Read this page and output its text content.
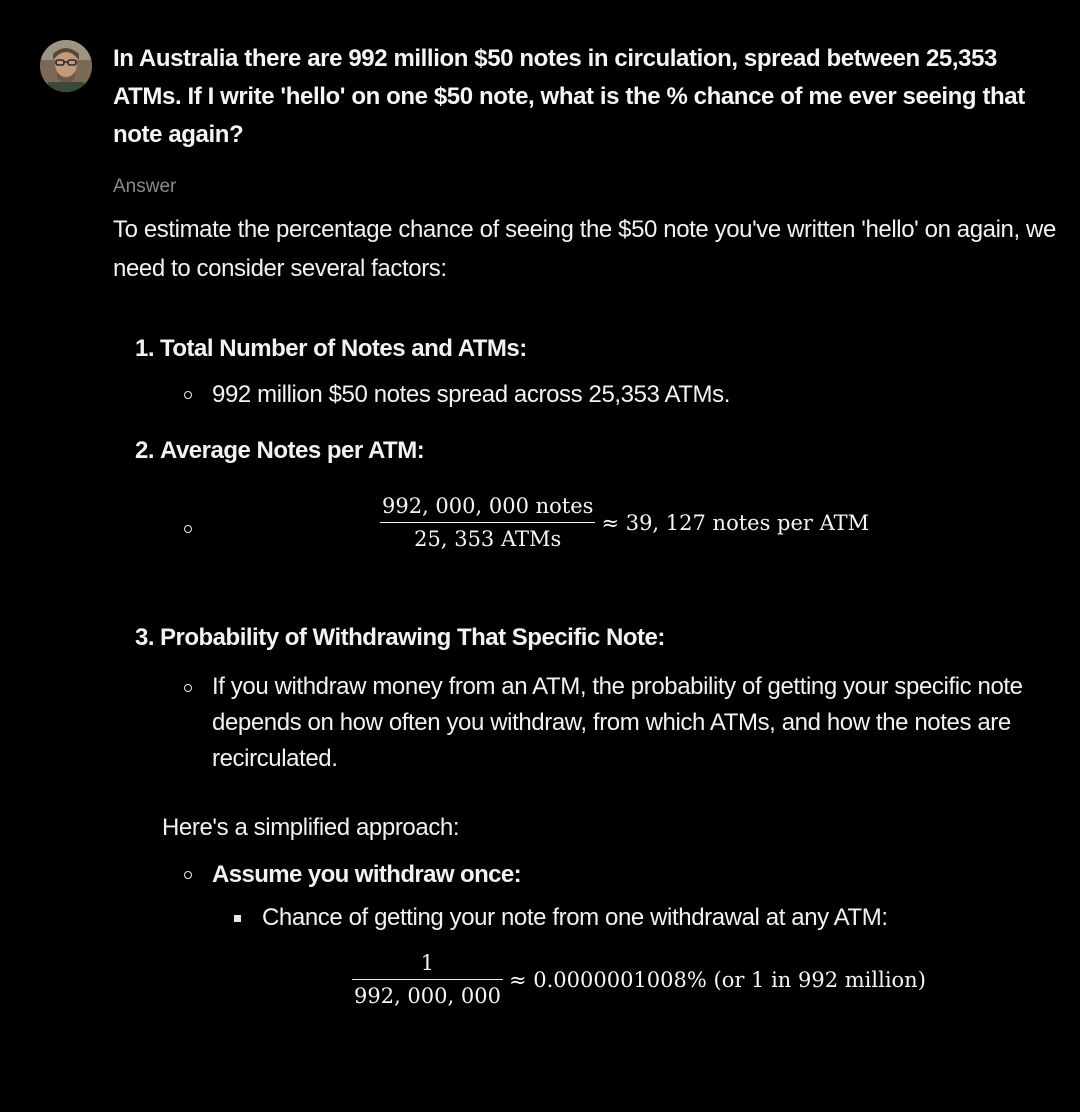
In Australia there are 992 million $50 notes in circulation, spread between 25,353 ATMs. If I write 'hello' on one $50 note, what is the % chance of me ever seeing that note again?

Answer

To estimate the percentage chance of seeing the $50 note you've written 'hello' on again, we need to consider several factors:

1. Total Number of Notes and ATMs:

992 million $50 notes spread across 25,353 ATMs.

2. Average Notes per ATM:

$\frac{\text{992, 000, 000 notes}}{\text{25, 353 ATMs}} \approx 39$, 127 notes per ATM

3. Probability of Withdrawing That Specific Note:

If you withdraw money from an ATM, the probability of getting your specific note depends on how often you withdraw, from which ATMs, and how the notes are recirculated.

Here's a simplified approach:

Assume you withdraw once:

Chance of getting your note from one withdrawal at any ATM:

$\frac{1}{992, 000, 000} \approx 0.0000001008\%$ (or 1 in 992 million)
